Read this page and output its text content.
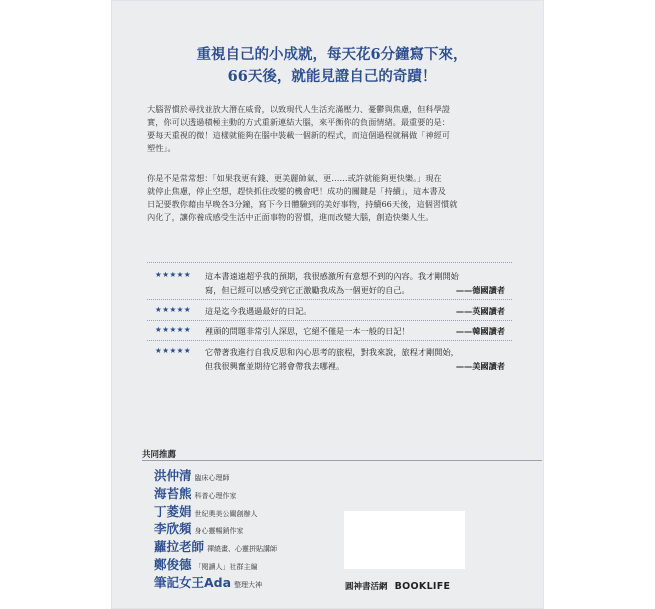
重視自己的小成就，每天花6分鐘寫下來，
66天後，就能見證自己的奇蹟！
大腦習慣於尋找並放大潛在威脅，以致現代人生活充滿壓力、憂鬱與焦慮，但科學證
實，你可以透過積極主動的方式重新連結大腦，來平衡你的負面情緒。最重要的是：
要每天重視的微！這樣就能夠在腦中裝載一個新的程式，而這個過程就稱做「神經可
塑性」。
你是不是常常想：「如果我更有錢、更美麗帥氣、更……或許就能夠更快樂。」現在
就停止焦慮，停止空想，趕快抓住改變的機會吧！成功的關鍵是「持續」，這本書及
日記要教你藉由早晚各3分鐘，寫下今日體驗到的美好事物，持續66天後，這個習慣就
內化了，讓你養成感受生活中正面事物的習慣，進而改變大腦，創造快樂人生。
★★★★★ 這本書遠遠超乎我的預期，我很感激所有意想不到的內容。我才剛開始
寫，但已經可以感受到它正激勵我成為一個更好的自己。	——德國讀者
★★★★★ 這是迄今我遇過最好的日記。	——英國讀者
★★★★★ 裡頭的問題非常引人深思，它絕不僅是一本一般的日記！	——韓國讀者
★★★★★ 它帶著我進行自我反思和內心思考的旅程，對我來說，旅程才剛開始，
但我很興奮並期待它將會帶我去哪裡。	——美國讀者
共同推薦
洪仲清 臨床心理師
海苔熊 科普心理作家
丁菱娟 世紀奧美公關創辦人
李欣頻 身心靈暢銷作家
蘿拉老師 禪繞畫、心靈拼貼講師
鄭俊德 「閱讀人」社群主編
筆記女王Ada 整理大神	圓神書活網 BOOKLIFE
